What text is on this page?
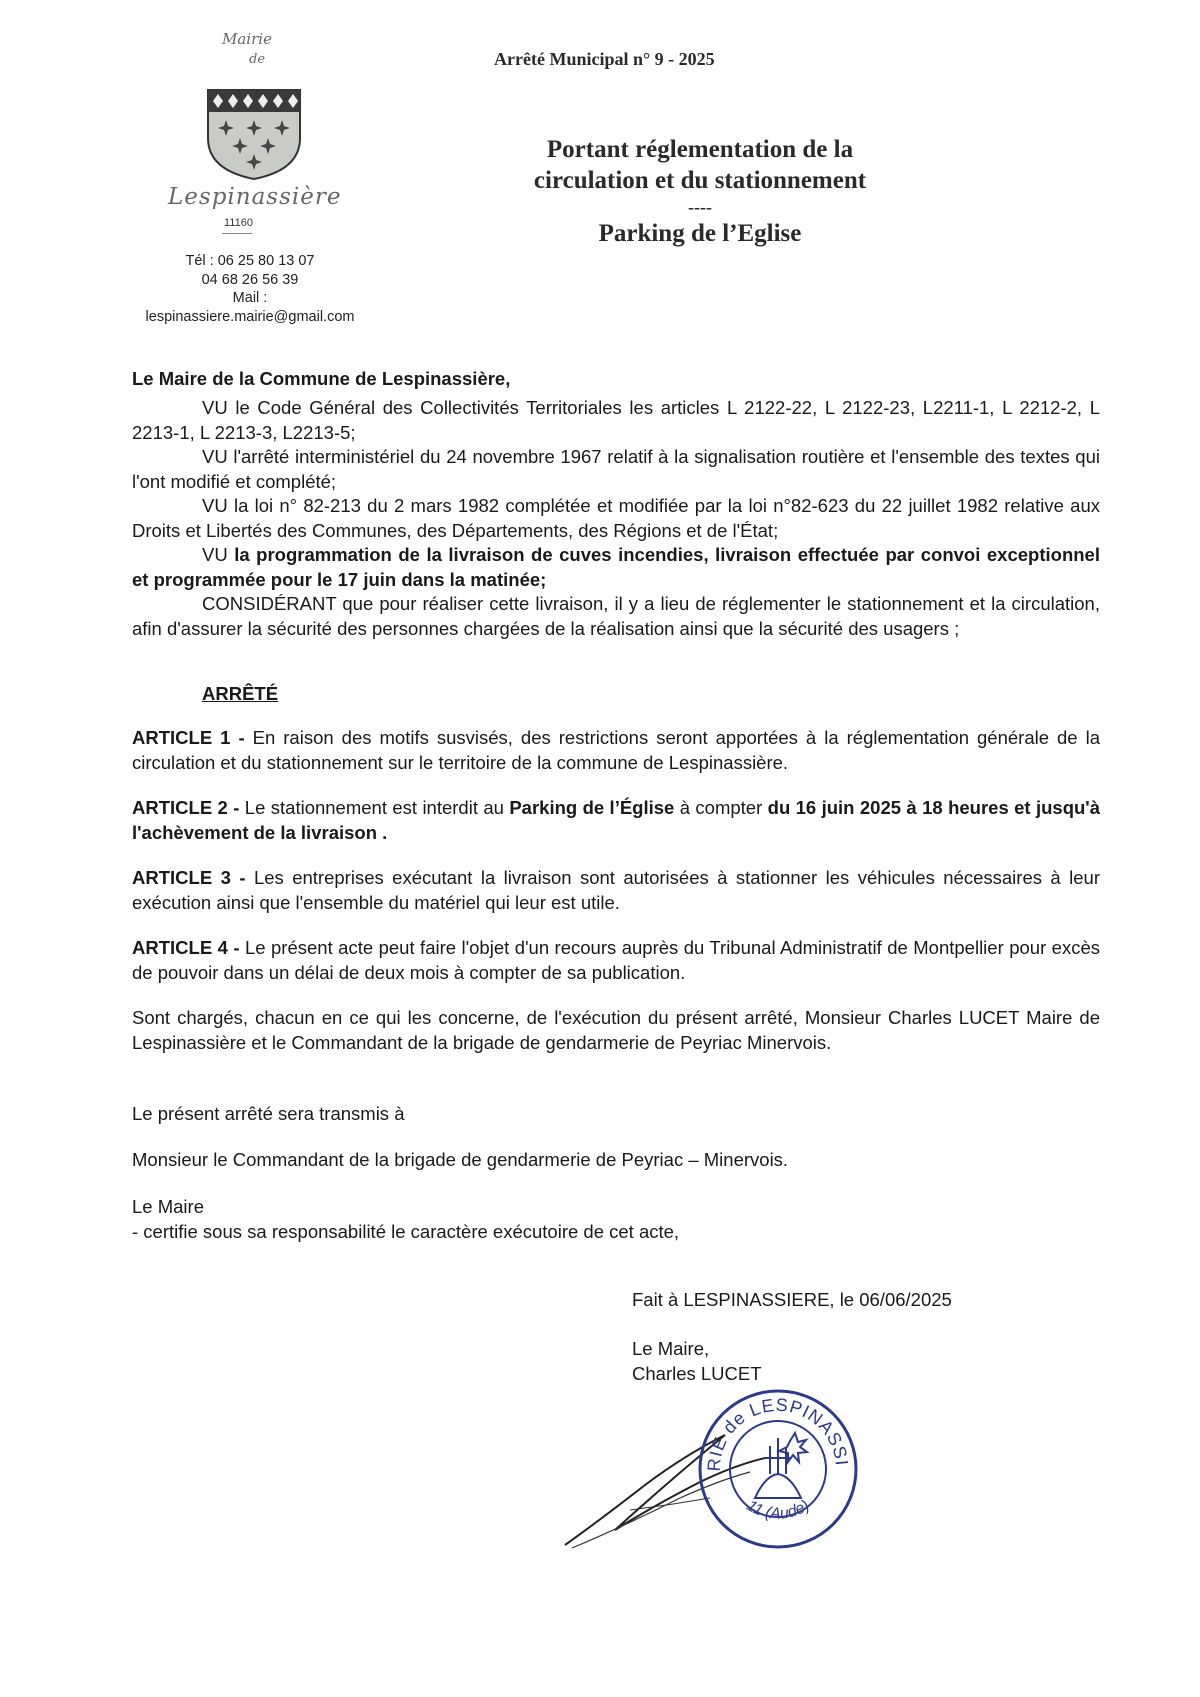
Mairie
de
Lespinassière
11160
Tél : 06 25 80 13 07
04 68 26 56 39
Mail :
lespinassiere.mairie@gmail.com
Arrêté Municipal n° 9 - 2025
Portant réglementation de la
circulation et du stationnement
----
Parking de l’Eglise
Le Maire de la Commune de Lespinassière,
VU le Code Général des Collectivités Territoriales les articles L 2122-22, L 2122-23, L2211-1, L 2212-2, L 2213-1, L 2213-3, L2213-5;
VU l'arrêté interministériel du 24 novembre 1967 relatif à la signalisation routière et l'ensemble des textes qui l'ont modifié et complété;
VU la loi n° 82-213 du 2 mars 1982 complétée et modifiée par la loi n°82-623 du 22 juillet 1982 relative aux Droits et Libertés des Communes, des Départements, des Régions et de l'État;
VU la programmation de la livraison de cuves incendies, livraison effectuée par convoi exceptionnel et programmée pour le 17 juin dans la matinée;
CONSIDÉRANT que pour réaliser cette livraison, il y a lieu de réglementer le stationnement et la circulation, afin d'assurer la sécurité des personnes chargées de la réalisation ainsi que la sécurité des usagers ;
ARRÊTÉ
ARTICLE 1 - En raison des motifs susvisés, des restrictions seront apportées à la réglementation générale de la circulation et du stationnement sur le territoire de la commune de Lespinassière.
ARTICLE 2 - Le stationnement est interdit au Parking de l’Église à compter du 16 juin 2025 à 18 heures et jusqu'à l'achèvement de la livraison .
ARTICLE 3 - Les entreprises exécutant la livraison sont autorisées à stationner les véhicules nécessaires à leur exécution ainsi que l'ensemble du matériel qui leur est utile.
ARTICLE 4 - Le présent acte peut faire l'objet d'un recours auprès du Tribunal Administratif de Montpellier pour excès de pouvoir dans un délai de deux mois à compter de sa publication.
Sont chargés, chacun en ce qui les concerne, de l'exécution du présent arrêté, Monsieur Charles LUCET Maire de Lespinassière et le Commandant de la brigade de gendarmerie de Peyriac Minervois.
Le présent arrêté sera transmis à
Monsieur le Commandant de la brigade de gendarmerie de Peyriac – Minervois.
Le Maire
- certifie sous sa responsabilité le caractère exécutoire de cet acte,
Fait à LESPINASSIERE, le 06/06/2025
Le Maire,
Charles LUCET
RIE de LESPINASSI
11 (Aude)
